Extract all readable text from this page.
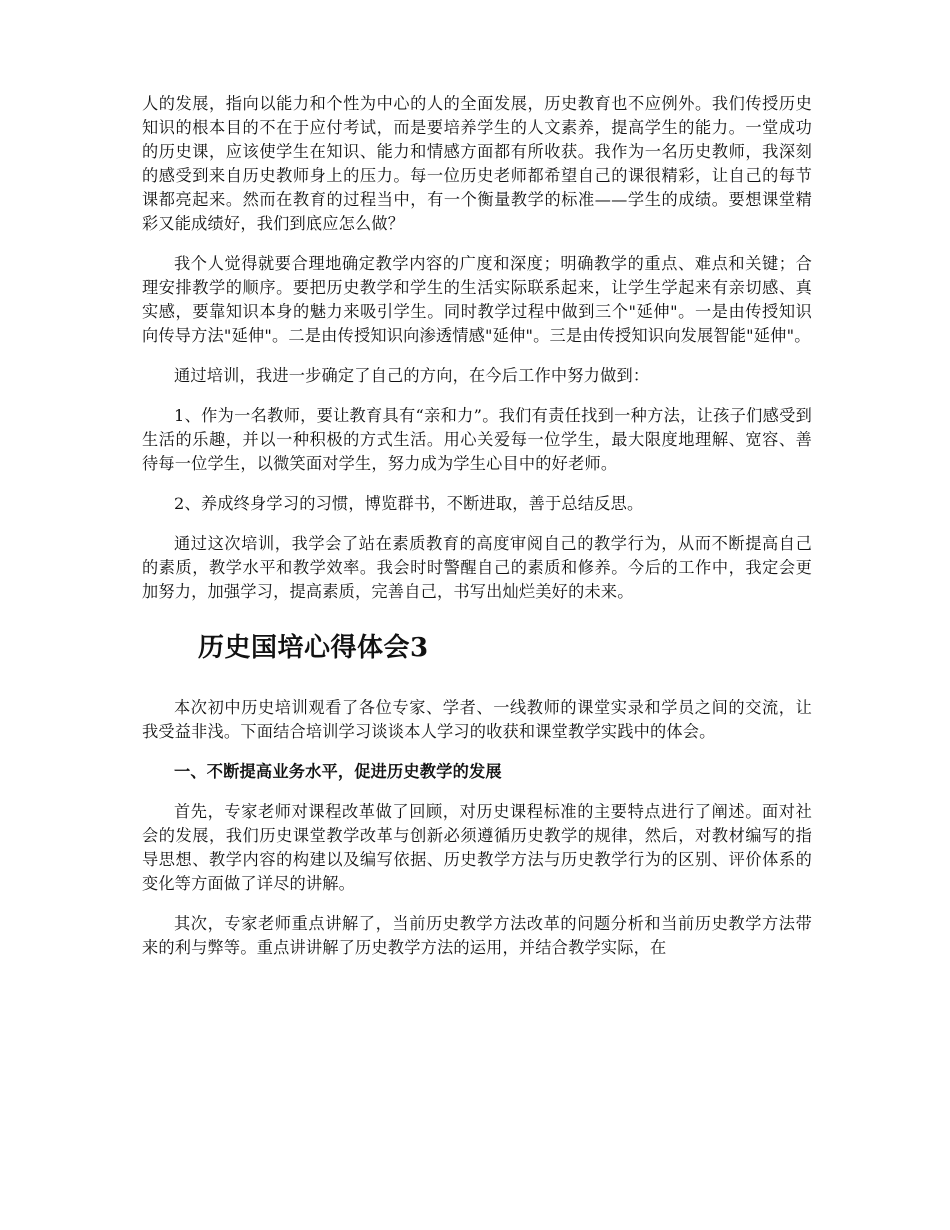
人的发展，指向以能力和个性为中心的人的全面发展，历史教育也不应例外。我们传授历史知识的根本目的不在于应付考试，而是要培养学生的人文素养，提高学生的能力。一堂成功的历史课，应该使学生在知识、能力和情感方面都有所收获。我作为一名历史教师，我深刻的感受到来自历史教师身上的压力。每一位历史老师都希望自己的课很精彩，让自己的每节课都亮起来。然而在教育的过程当中，有一个衡量教学的标准——学生的成绩。要想课堂精彩又能成绩好，我们到底应怎么做？

我个人觉得就要合理地确定教学内容的广度和深度；明确教学的重点、难点和关键；合理安排教学的顺序。要把历史教学和学生的生活实际联系起来，让学生学起来有亲切感、真实感，要靠知识本身的魅力来吸引学生。同时教学过程中做到三个"延伸"。一是由传授知识向传导方法"延伸"。二是由传授知识向渗透情感"延伸"。三是由传授知识向发展智能"延伸"。

通过培训，我进一步确定了自己的方向，在今后工作中努力做到：

1、作为一名教师，要让教育具有“亲和力”。我们有责任找到一种方法，让孩子们感受到生活的乐趣，并以一种积极的方式生活。用心关爱每一位学生，最大限度地理解、宽容、善待每一位学生，以微笑面对学生，努力成为学生心目中的好老师。

2、养成终身学习的习惯，博览群书，不断进取，善于总结反思。

通过这次培训，我学会了站在素质教育的高度审阅自己的教学行为，从而不断提高自己的素质，教学水平和教学效率。我会时时警醒自己的素质和修养。今后的工作中，我定会更加努力，加强学习，提高素质，完善自己，书写出灿烂美好的未来。

历史国培心得体会3

本次初中历史培训观看了各位专家、学者、一线教师的课堂实录和学员之间的交流，让我受益非浅。下面结合培训学习谈谈本人学习的收获和课堂教学实践中的体会。

一、不断提高业务水平，促进历史教学的发展

首先，专家老师对课程改革做了回顾，对历史课程标准的主要特点进行了阐述。面对社会的发展，我们历史课堂教学改革与创新必须遵循历史教学的规律，然后，对教材编写的指导思想、教学内容的构建以及编写依据、历史教学方法与历史教学行为的区别、评价体系的变化等方面做了详尽的讲解。

其次，专家老师重点讲解了，当前历史教学方法改革的问题分析和当前历史教学方法带来的利与弊等。重点讲讲解了历史教学方法的运用，并结合教学实际，在
